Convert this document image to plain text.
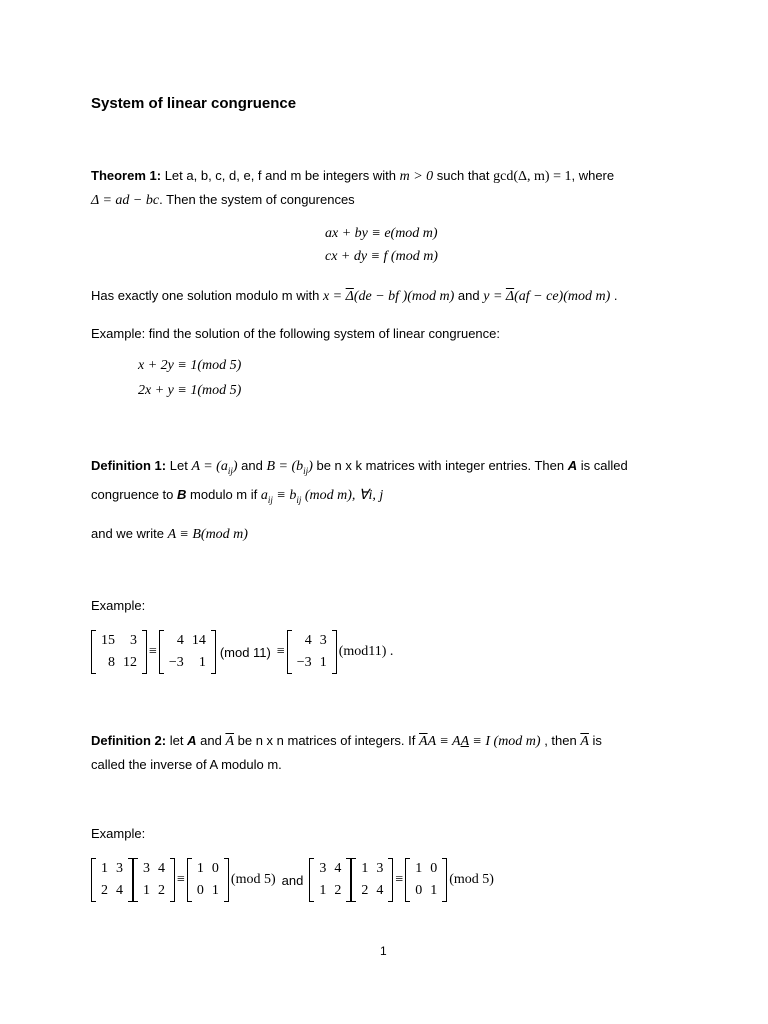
System of linear congruence
Theorem 1: Let a, b, c, d, e, f and m be integers with m > 0 such that gcd(Δ, m) = 1, where
Δ = ad − bc. Then the system of congurences
ax + by ≡ e(mod m)
cx + dy ≡ f (mod m)
Has exactly one solution modulo m with $x = \overline{\Delta}(de$ − bf )(mod m) and $y = \overline{\Delta}(af - ce)(mod$ m) .
Example: find the solution of the following system of linear congruence:
x + 2y ≡ 1(mod 5)
2x + y ≡ 1(mod 5)
Definition 1: Let $A = (a_{ij})$ and $B = (b_{ij})$ be n x k matrices with integer entries. Then A is called
congruence to B modulo m if $a_{ij} \equiv b_{ij}$ (mod m), ∀i, j
and we write A ≡ B(mod m)
Example:
15	3
8	12
≡
4	14
−3	1
(mod 11) ≡
4	3
−3	1
(mod11) .
Definition 2: let A and $\overline{A}$ be n x n matrices of integers. If $\overline{A}A$ ≡ AA ≡ I (mod m) , then $\overline{A}$ is
called the inverse of A modulo m.
Example:
1	3
2	4
3	4
1	2
≡
1	0
0	1
(mod 5) and
3	4
1	2
1	3
2	4
≡
1	0
0	1
(mod 5)
1
